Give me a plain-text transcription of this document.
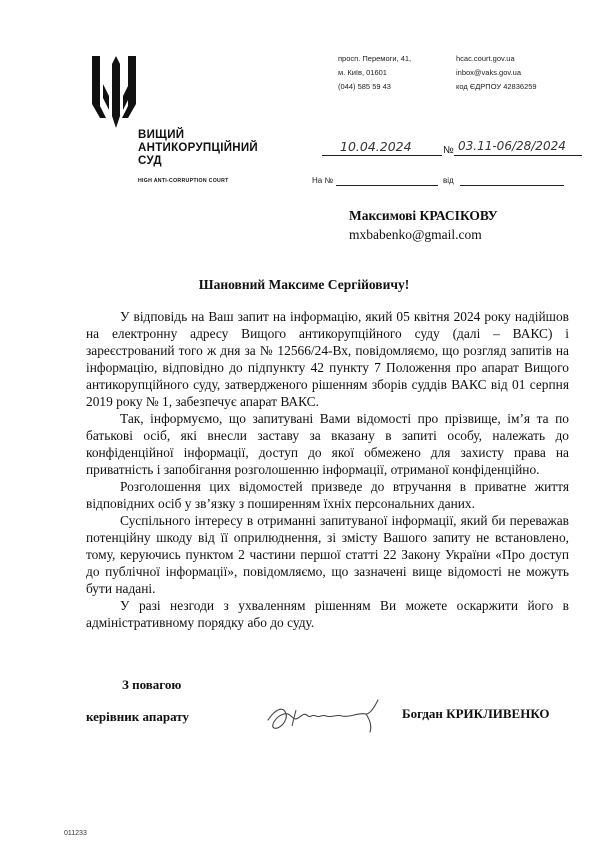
ВИЩИЙ
АНТИКОРУПЦІЙНИЙ
СУД
HIGH ANTI-CORRUPTION COURT
просп. Перемоги, 41,
м. Київ, 01601
(044) 585 59 43
hcac.court.gov.ua
inbox@vaks.gov.ua
код ЄДРПОУ 42836259
10.04.2024	№ 03.11-06/28/2024
На №	від
Максимові КРАСІКОВУ
mxbabenko@gmail.com
Шановний Максиме Сергійовичу!

У відповідь на Ваш запит на інформацію, який 05 квітня 2024 року надійшов на електронну адресу Вищого антикорупційного суду (далі – ВАКС) і зареєстрований того ж дня за № 12566/24-Вх, повідомляємо, що розгляд запитів на інформацію, відповідно до підпункту 42 пункту 7 Положення про апарат Вищого антикорупційного суду, затвердженого рішенням зборів суддів ВАКС від 01 серпня 2019 року № 1, забезпечує апарат ВАКС.

Так, інформуємо, що запитувані Вами відомості про прізвище, ім’я та по батькові осіб, які внесли заставу за вказану в запиті особу, належать до конфіденційної інформації, доступ до якої обмежено для захисту права на приватність і запобігання розголошенню інформації, отриманої конфіденційно.

Розголошення цих відомостей призведе до втручання в приватне життя відповідних осіб у зв’язку з поширенням їхніх персональних даних.

Суспільного інтересу в отриманні запитуваної інформації, який би переважав потенційну шкоду від її оприлюднення, зі змісту Вашого запиту не встановлено, тому, керуючись пунктом 2 частини першої статті 22 Закону України «Про доступ до публічної інформації», повідомляємо, що зазначені вище відомості не можуть бути надані.

У разі незгоди з ухваленням рішенням Ви можете оскаржити його в адміністративному порядку або до суду.

З повагою
керівник апарату	Богдан КРИКЛИВЕНКО
011233
